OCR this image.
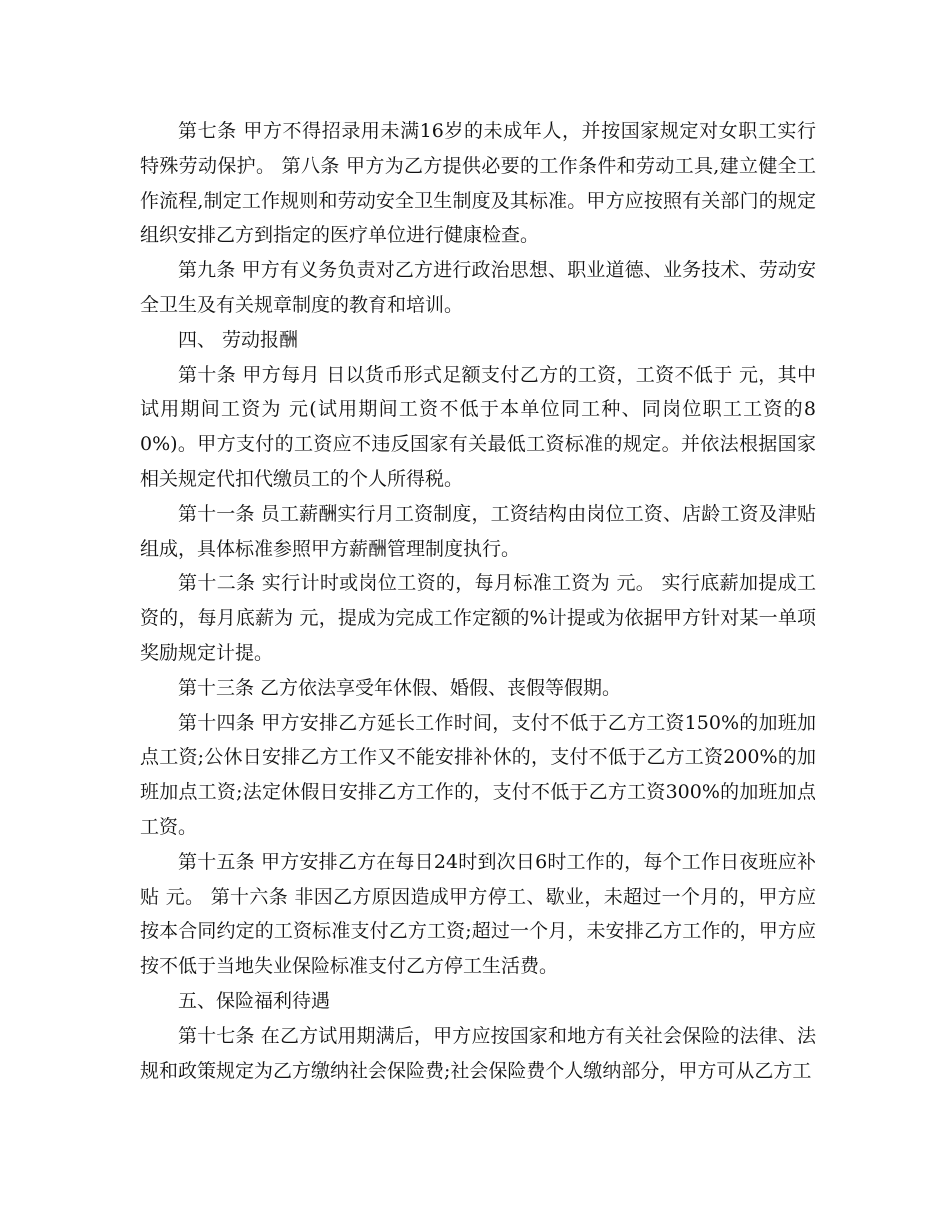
第七条 甲方不得招录用未满16岁的未成年人，并按国家规定对女职工实行特殊劳动保护。 第八条 甲方为乙方提供必要的工作条件和劳动工具,建立健全工作流程,制定工作规则和劳动安全卫生制度及其标准。甲方应按照有关部门的规定组织安排乙方到指定的医疗单位进行健康检查。

第九条 甲方有义务负责对乙方进行政治思想、职业道德、业务技术、劳动安全卫生及有关规章制度的教育和培训。

四、 劳动报酬

第十条 甲方每月 日以货币形式足额支付乙方的工资，工资不低于 元，其中试用期间工资为 元(试用期间工资不低于本单位同工种、同岗位职工工资的80%)。甲方支付的工资应不违反国家有关最低工资标准的规定。并依法根据国家相关规定代扣代缴员工的个人所得税。

第十一条 员工薪酬实行月工资制度，工资结构由岗位工资、店龄工资及津贴组成，具体标准参照甲方薪酬管理制度执行。

第十二条 实行计时或岗位工资的，每月标准工资为 元。 实行底薪加提成工资的，每月底薪为 元，提成为完成工作定额的%计提或为依据甲方针对某一单项奖励规定计提。

第十三条 乙方依法享受年休假、婚假、丧假等假期。

第十四条 甲方安排乙方延长工作时间，支付不低于乙方工资150%的加班加点工资;公休日安排乙方工作又不能安排补休的，支付不低于乙方工资200%的加班加点工资;法定休假日安排乙方工作的，支付不低于乙方工资300%的加班加点工资。

第十五条 甲方安排乙方在每日24时到次日6时工作的，每个工作日夜班应补贴 元。 第十六条 非因乙方原因造成甲方停工、歇业，未超过一个月的，甲方应按本合同约定的工资标准支付乙方工资;超过一个月，未安排乙方工作的，甲方应按不低于当地失业保险标准支付乙方停工生活费。

五、保险福利待遇

第十七条 在乙方试用期满后，甲方应按国家和地方有关社会保险的法律、法规和政策规定为乙方缴纳社会保险费;社会保险费个人缴纳部分，甲方可从乙方工
